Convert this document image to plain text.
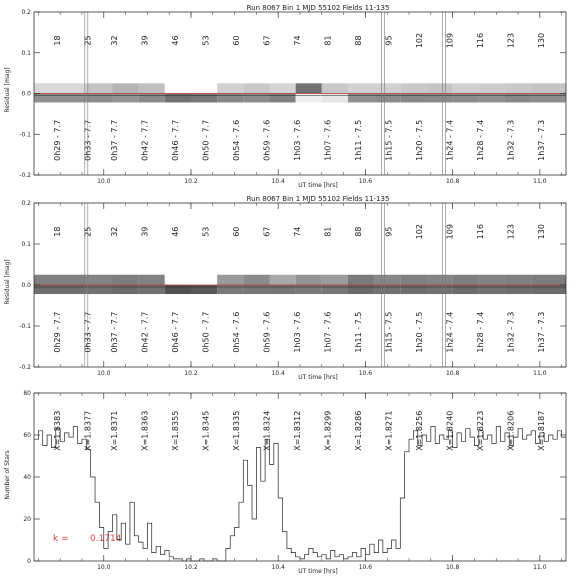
Run 8067 Bin 1 MJD 55102 Fields 11-135
Residual [mag]
UT time [hrs]
18	25 32	39	46	53	60	67	74	81	88	95	102	109	116	123	130
0h29 - 7.7	0h33 - 7.7 0h37 - 7.7	0h42 - 7.7	0h46 - 7.7	0h50 - 7.7	0h54 - 7.6	0h59 - 7.6	1h03 - 7.6	1h07 - 7.6	1h11 - 7.5	1h15 - 7.5	1h20 - 7.5	1h24 - 7.4	1h28 - 7.4	1h32 - 7.3	1h37 - 7.3
10.0	10.2	10.4	10.6	10.8	11.0
-0.2
-0.1
0.0
0.1
0.2
Run 8067 Bin 1 MJD 55102 Fields 11-135
Residual [mag]
UT time [hrs]
18	25 32	39	46	53	60	67	74	81	88	95	102	109	116	123	130
0h29 - 7.7	0h33 - 7.7 0h37 - 7.7	0h42 - 7.7	0h46 - 7.7	0h50 - 7.7	0h54 - 7.6	0h59 - 7.6	1h03 - 7.6	1h07 - 7.6	1h11 - 7.5	1h15 - 7.5	1h20 - 7.5	1h24 - 7.4	1h28 - 7.4	1h32 - 7.3	1h37 - 7.3
10.0	10.2	10.4	10.6	10.8	11.0
-0.2
-0.1
0.0
0.1
0.2
Number of Stars
UT time [hrs]
k = 0.1714
X=1.8383	X=1.8377 X=1.8371	X=1.8363	X=1.8355	X=1.8345	X=1.8335	X=1.8324	X=1.8312	X=1.8299	X=1.8286	X=1.8271	X=1.8256	X=1.8240	X=1.8223	X=1.8206	X=1.8187
10.0	10.2	10.4	10.6	10.8	11.0
0
20
40
60
80
